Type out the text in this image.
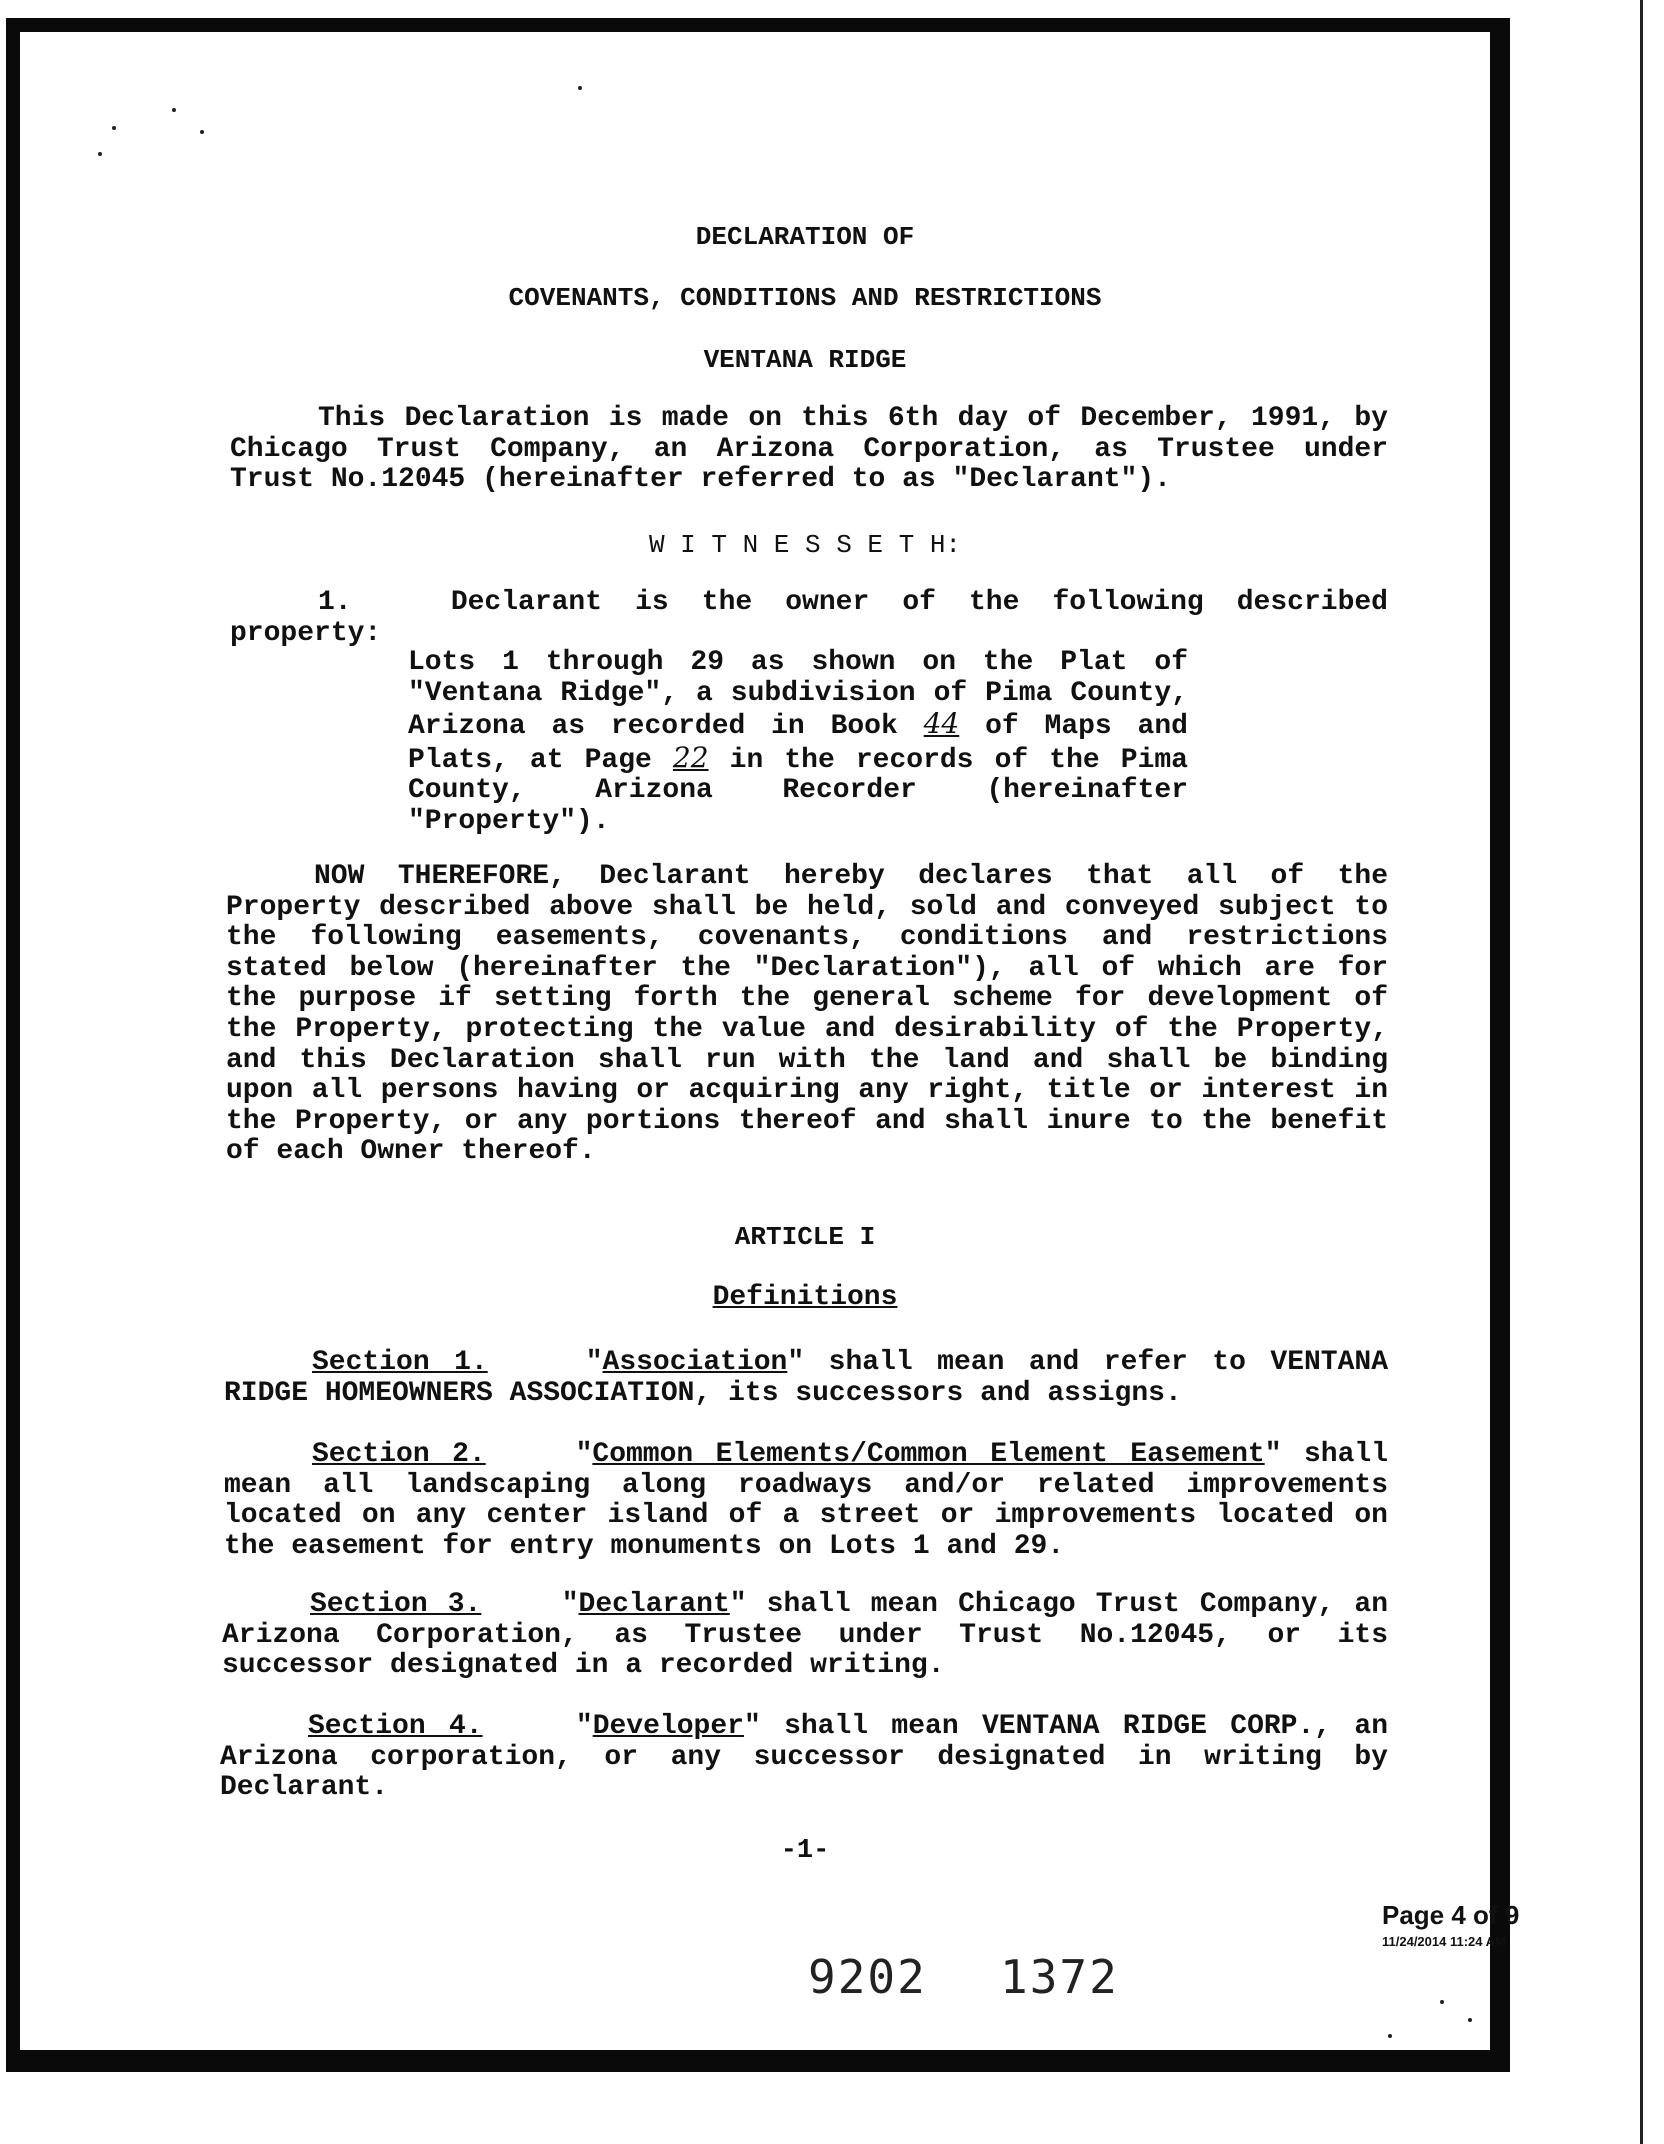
DECLARATION OF
COVENANTS, CONDITIONS AND RESTRICTIONS
VENTANA RIDGE

This Declaration is made on this 6th day of December, 1991, by Chicago Trust Company, an Arizona Corporation, as Trustee under Trust No.12045 (hereinafter referred to as "Declarant").

W I T N E S S E T H:

1.	Declarant is the owner of the following described property:

Lots 1 through 29 as shown on the Plat of "Ventana Ridge", a subdivision of Pima County, Arizona as recorded in Book 44 of Maps and Plats, at Page 22 in the records of the Pima County, Arizona Recorder (hereinafter "Property").

NOW THEREFORE, Declarant hereby declares that all of the Property described above shall be held, sold and conveyed subject to the following easements, covenants, conditions and restrictions stated below (hereinafter the "Declaration"), all of which are for the purpose if setting forth the general scheme for development of the Property, protecting the value and desirability of the Property, and this Declaration shall run with the land and shall be binding upon all persons having or acquiring any right, title or interest in the Property, or any portions thereof and shall inure to the benefit of each Owner thereof.

ARTICLE I
Definitions

Section 1.    "Association" shall mean and refer to VENTANA RIDGE HOMEOWNERS ASSOCIATION, its successors and assigns.

Section 2.    "Common Elements/Common Element Easement" shall mean all landscaping along roadways and/or related improvements located on any center island of a street or improvements located on the easement for entry monuments on Lots 1 and 29.

Section 3.    "Declarant" shall mean Chicago Trust Company, an Arizona Corporation, as Trustee under Trust No.12045, or its successor designated in a recorded writing.

Section 4.    "Developer" shall mean VENTANA RIDGE CORP., an Arizona corporation, or any successor designated in writing by Declarant.

-1-
Page 4 of 9
11/24/2014 11:24 AM
9202 1372
